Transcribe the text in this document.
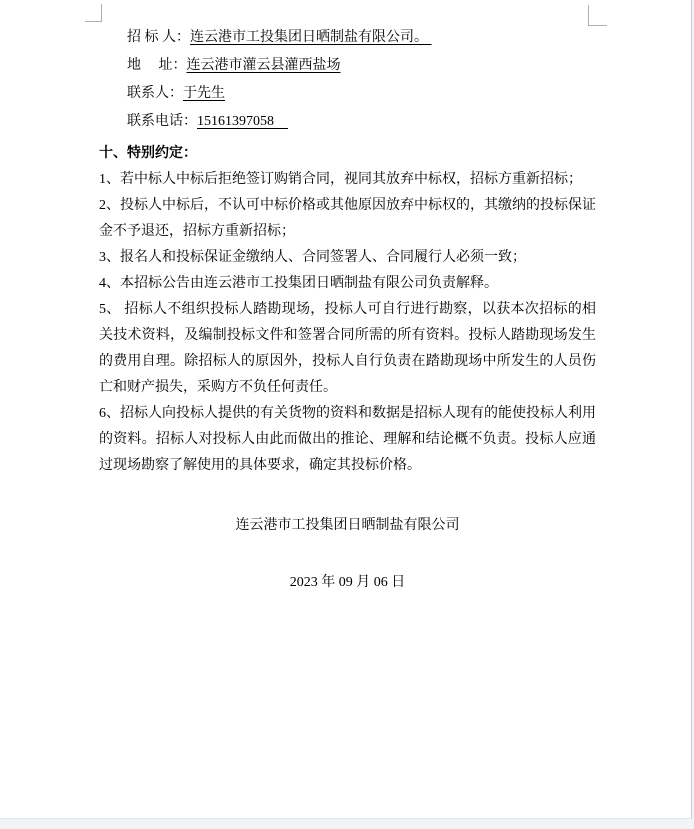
招 标 人：连云港市工投集团日晒制盐有限公司。
地　 址：连云港市灌云县灌西盐场
联系人：于先生
联系电话：15161397058
十、特别约定：

1、若中标人中标后拒绝签订购销合同，视同其放弃中标权，招标方重新招标；

2、投标人中标后，不认可中标价格或其他原因放弃中标权的，其缴纳的投标保证金不予退还，招标方重新招标；

3、报名人和投标保证金缴纳人、合同签署人、合同履行人必须一致；

4、本招标公告由连云港市工投集团日晒制盐有限公司负责解释。

5、 招标人不组织投标人踏勘现场，投标人可自行进行勘察，以获本次招标的相关技术资料，及编制投标文件和签署合同所需的所有资料。投标人踏勘现场发生的费用自理。除招标人的原因外，投标人自行负责在踏勘现场中所发生的人员伤亡和财产损失，采购方不负任何责任。

6、招标人向投标人提供的有关货物的资料和数据是招标人现有的能使投标人利用的资料。招标人对投标人由此而做出的推论、理解和结论概不负责。投标人应通过现场勘察了解使用的具体要求，确定其投标价格。

连云港市工投集团日晒制盐有限公司
2023 年 09 月 06 日
